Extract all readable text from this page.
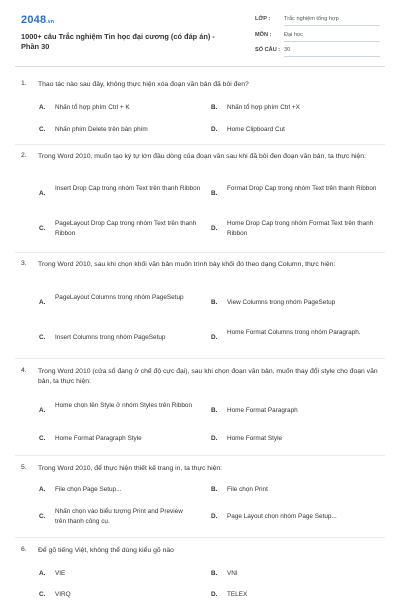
2048.vn
1000+ câu Trắc nghiệm Tin học đại cương (có đáp án) - Phần 30
LỚP : Trắc nghiệm tổng hợp
MÔN : Đại học
SỐ CÂU : 30
1. Thao tác nào sau đây, không thực hiện xóa đoạn văn bản đã bôi đen?
A. Nhấn tổ hợp phím Ctrl + K	B. Nhấn tổ hợp phím Ctrl +X
C. Nhấn phím Delete trên bàn phím	D. Home Clipboard Cut
2. Trong Word 2010, muốn tạo ký tự lớn đầu dòng của đoạn văn sau khi đã bôi đen đoạn văn bản, ta thực hiện:
A.
Insert Drop Cap trong nhóm Text trên thanh Ribbon
B.
Format Drop Cap trong nhóm Text trên thanh Ribbon
C.
PageLayout Drop Cap trong nhóm Text trên thanh Ribbon
D.
Home Drop Cap trong nhóm Format Text trên thanh Ribbon
3. Trong Word 2010, sau khi chọn khối văn bản muốn trình bày khối đó theo dạng Column, thực hiện:
A.
PageLayout Columns trong nhóm PageSetup
B. View Columns trong nhóm PageSetup
C. Insert Columns trong nhóm PageSetup	D.
Home Format Columns trong nhóm Paragraph.
4. Trong Word 2010 (cửa sổ đang ở chế độ cực đại), sau khi chọn đoạn văn bản, muốn thay đổi style cho đoạn văn bản, ta thực hiện:
A.
Home chọn tên Style ở nhóm Styles trên Ribbon
B. Home Format Paragraph
C. Home Format Paragraph Style	D. Home Format Style
5. Trong Word 2010, để thực hiện thiết kế trang in, ta thực hiện:
A. File chọn Page Setup...	B. File chọn Print
C.
Nhấn chọn vào biểu tượng Print and Preview trên thanh công cụ.
D. Page Layout chọn nhóm Page Setup...
6. Để gõ tiếng Việt, không thể dùng kiểu gõ nào
A. VIE	B. VNI
C. VIRQ	D. TELEX
